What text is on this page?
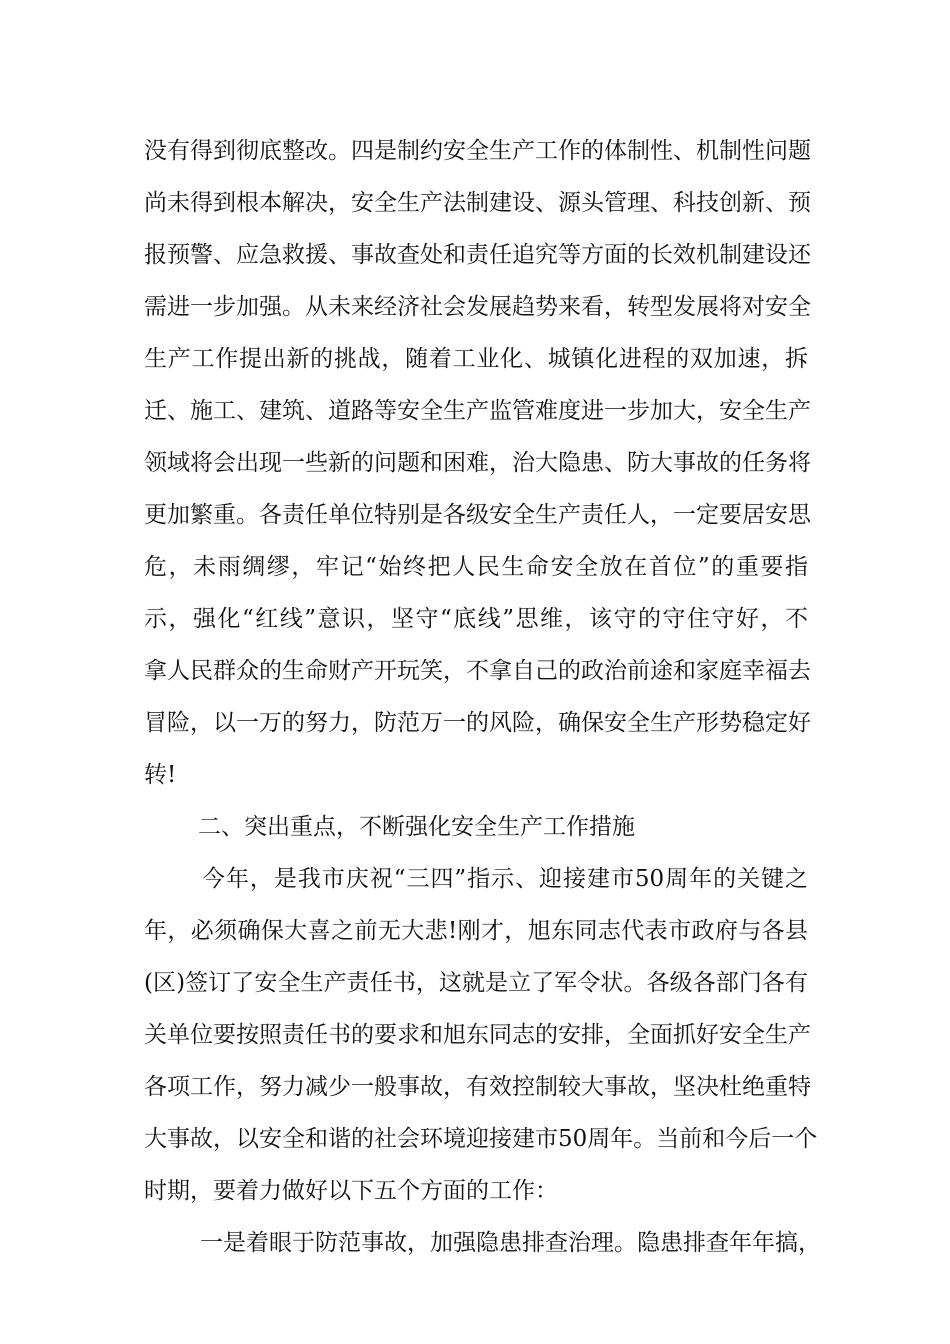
没有得到彻底整改。四是制约安全生产工作的体制性、机制性问题
尚未得到根本解决，安全生产法制建设、源头管理、科技创新、预
报预警、应急救援、事故查处和责任追究等方面的长效机制建设还
需进一步加强。从未来经济社会发展趋势来看，转型发展将对安全
生产工作提出新的挑战，随着工业化、城镇化进程的双加速，拆
迁、施工、建筑、道路等安全生产监管难度进一步加大，安全生产
领域将会出现一些新的问题和困难，治大隐患、防大事故的任务将
更加繁重。各责任单位特别是各级安全生产责任人，一定要居安思
危，未雨绸缪，牢记“始终把人民生命安全放在首位”的重要指
示，强化“红线”意识，坚守“底线”思维，该守的守住守好，不
拿人民群众的生命财产开玩笑，不拿自己的政治前途和家庭幸福去
冒险，以一万的努力，防范万一的风险，确保安全生产形势稳定好
转!
二、突出重点，不断强化安全生产工作措施
今年，是我市庆祝“三四”指示、迎接建市50周年的关键之
年，必须确保大喜之前无大悲!刚才，旭东同志代表市政府与各县
(区)签订了安全生产责任书，这就是立了军令状。各级各部门各有
关单位要按照责任书的要求和旭东同志的安排，全面抓好安全生产
各项工作，努力减少一般事故，有效控制较大事故，坚决杜绝重特
大事故，以安全和谐的社会环境迎接建市50周年。当前和今后一个
时期，要着力做好以下五个方面的工作：
一是着眼于防范事故，加强隐患排查治理。隐患排查年年搞，
